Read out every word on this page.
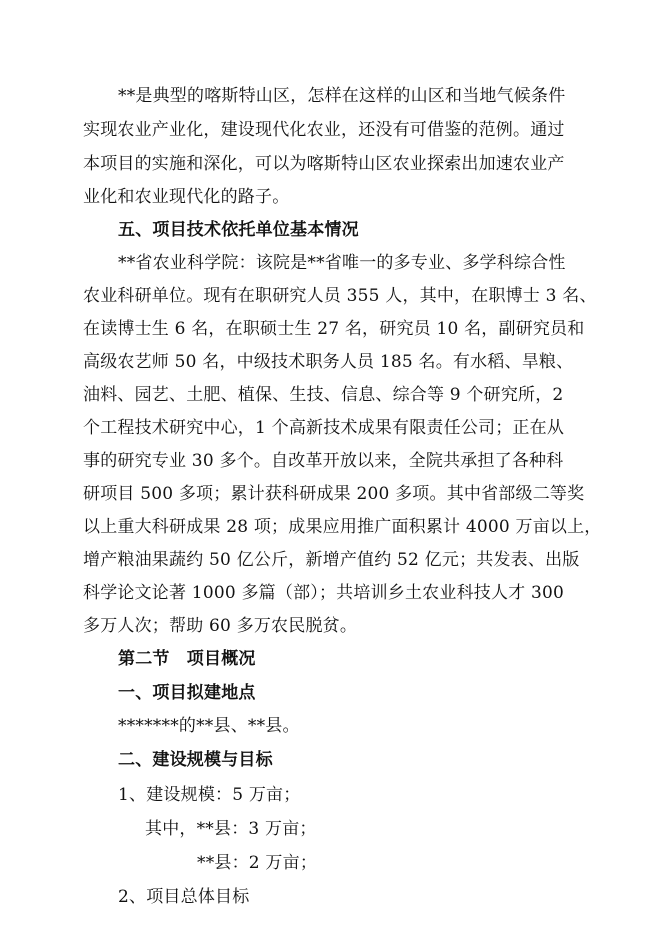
**是典型的喀斯特山区，怎样在这样的山区和当地气候条件
实现农业产业化，建设现代化农业，还没有可借鉴的范例。通过
本项目的实施和深化，可以为喀斯特山区农业探索出加速农业产
业化和农业现代化的路子。
五、项目技术依托单位基本情况
**省农业科学院：该院是**省唯一的多专业、多学科综合性
农业科研单位。现有在职研究人员 355 人，其中，在职博士 3 名、
在读博士生 6 名，在职硕士生 27 名，研究员 10 名，副研究员和
高级农艺师 50 名，中级技术职务人员 185 名。有水稻、旱粮、
油料、园艺、土肥、植保、生技、信息、综合等 9 个研究所，2
个工程技术研究中心，1 个高新技术成果有限责任公司；正在从
事的研究专业 30 多个。自改革开放以来，全院共承担了各种科
研项目 500 多项；累计获科研成果 200 多项。其中省部级二等奖
以上重大科研成果 28 项；成果应用推广面积累计 4000 万亩以上，
增产粮油果蔬约 50 亿公斤，新增产值约 52 亿元；共发表、出版
科学论文论著 1000 多篇（部）；共培训乡土农业科技人才 300
多万人次；帮助 60 多万农民脱贫。
第二节　项目概况
一、项目拟建地点
*******的**县、**县。
二、建设规模与目标
1、建设规模：5 万亩；
其中，**县：3 万亩；
**县：2 万亩；
2、项目总体目标
